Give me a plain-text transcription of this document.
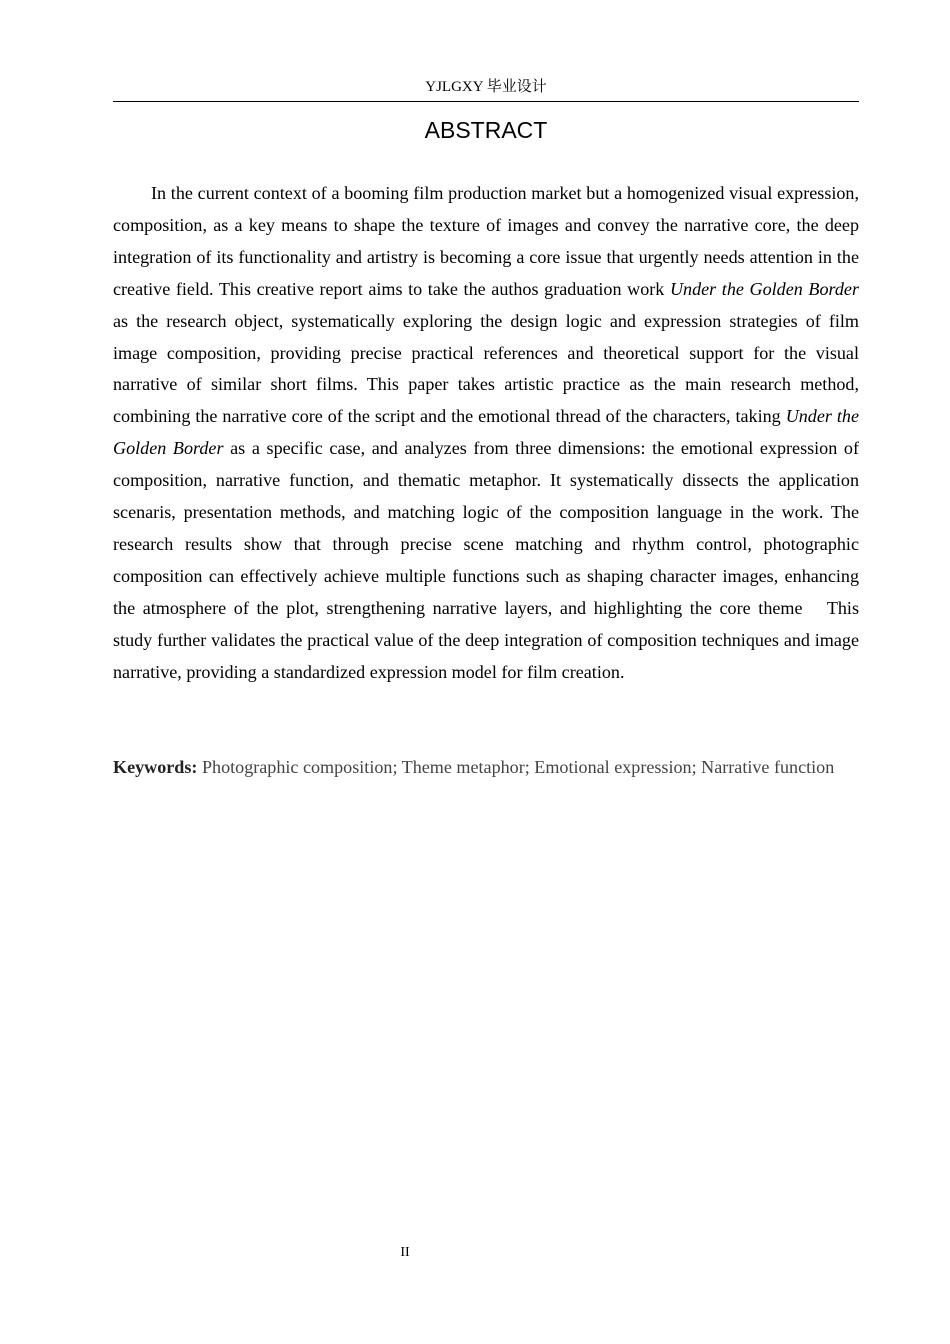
YJLGXY 毕业设计
ABSTRACT

In the current context of a booming film production market but a homogenized visual expression, composition, as a key means to shape the texture of images and convey the narrative core, the deep integration of its functionality and artistry is becoming a core issue that urgently needs attention in the creative field. This creative report aims to take the authos graduation work Under the Golden Border as the research object, systematically exploring the design logic and expression strategies of film image composition, providing precise practical references and theoretical support for the visual narrative of similar short films. This paper takes artistic practice as the main research method, combining the narrative core of the script and the emotional thread of the characters, taking Under the Golden Border as a specific case, and analyzes from three dimensions: the emotional expression of composition, narrative function, and thematic metaphor. It systematically dissects the application scenaris, presentation methods, and matching logic of the composition language in the work. The research results show that through precise scene matching and rhythm control, photographic composition can effectively achieve multiple functions such as shaping character images, enhancing the atmosphere of the plot, strengthening narrative layers, and highlighting the core theme　This study further validates the practical value of the deep integration of composition techniques and image narrative, providing a standardized expression model for film creation.

Keywords: Photographic composition; Theme metaphor; Emotional expression; Narrative function

II
